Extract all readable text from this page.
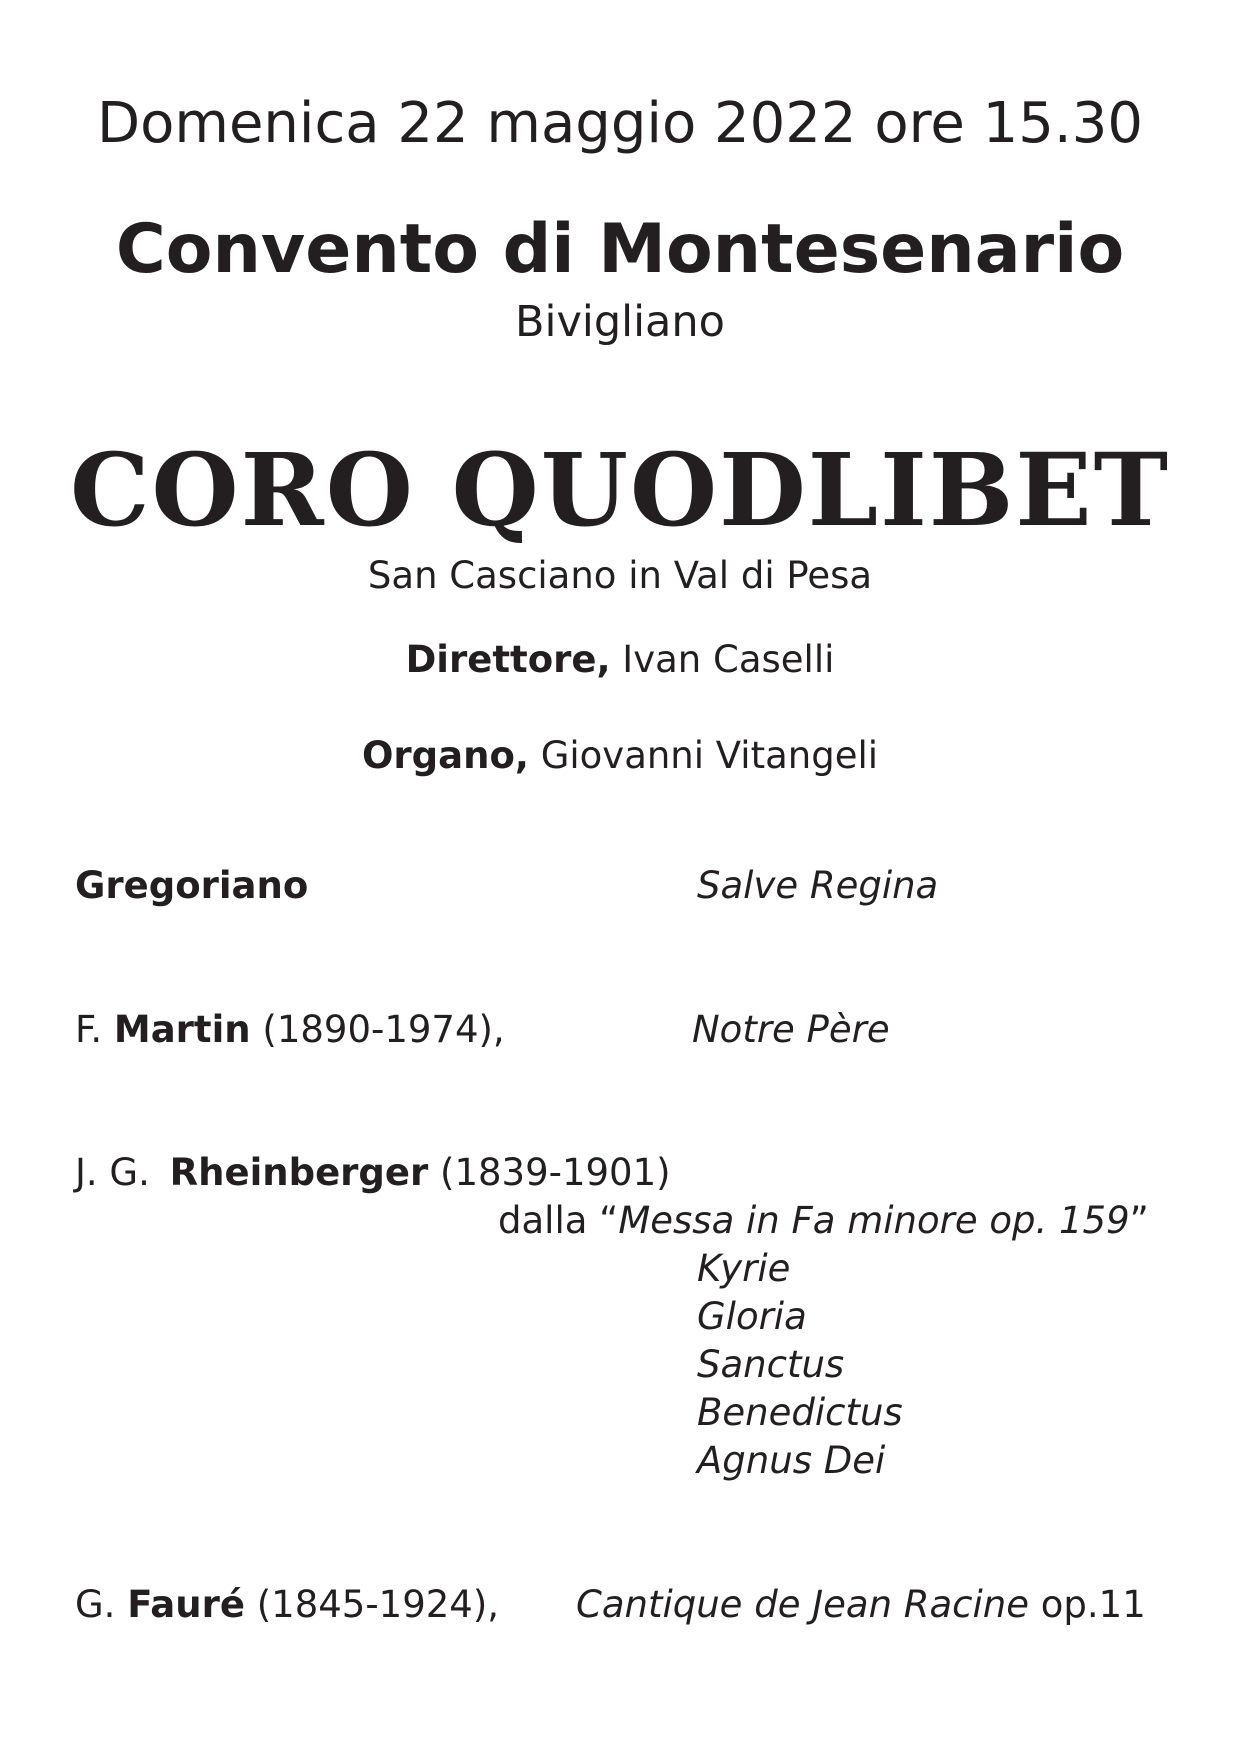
Domenica 22 maggio 2022 ore 15.30
Convento di Montesenario
Bivigliano
CORO QUODLIBET
San Casciano in Val di Pesa
Direttore, Ivan Caselli
Organo, Giovanni Vitangeli
Gregoriano	Salve Regina
F. Martin (1890-1974),	Notre Père
J. G. Rheinberger (1839-1901)
dalla “Messa in Fa minore op. 159”
Kyrie
Gloria
Sanctus
Benedictus
Agnus Dei
G. Fauré (1845-1924), Cantique de Jean Racine op.11
